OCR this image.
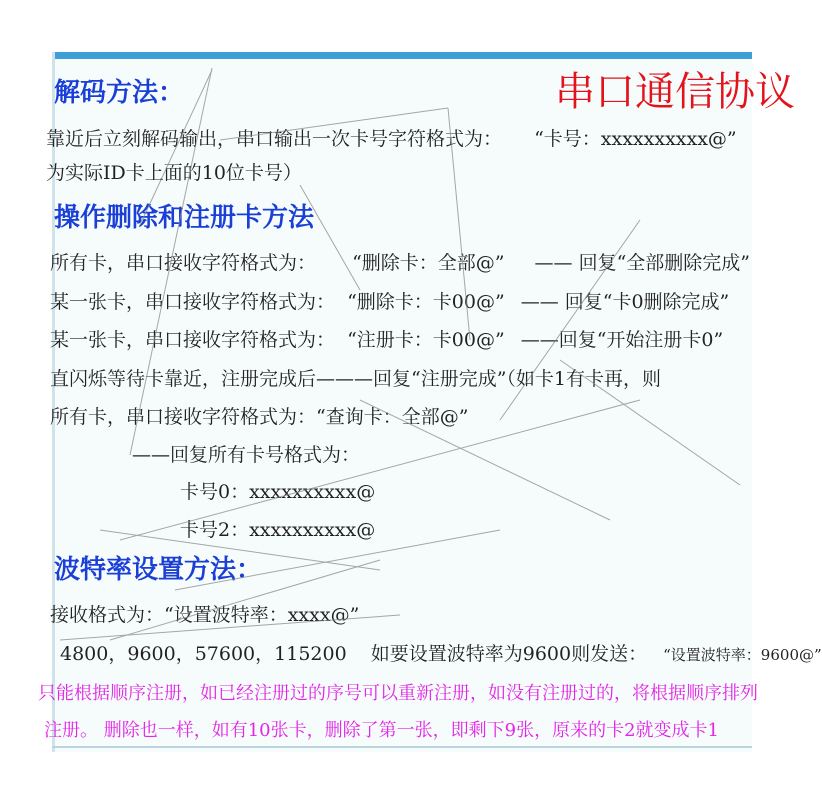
串口通信协议
解码方法：
靠近后立刻解码输出，串口输出一次卡号字符格式为： “卡号：xxxxxxxxxx@”
为实际ID卡上面的10位卡号）
操作删除和注册卡方法
所有卡，串口接收字符格式为： “删除卡：全部@” —— 回复“全部删除完成”
某一张卡，串口接收字符格式为： “删除卡：卡00@” —— 回复“卡0删除完成”
某一张卡，串口接收字符格式为： “注册卡：卡00@” ——回复“开始注册卡0”
直闪烁等待卡靠近，注册完成后———回复“注册完成”（如卡1有卡再，则
所有卡，串口接收字符格式为：“查询卡：全部@”
——回复所有卡号格式为：
卡号0：xxxxxxxxxx@
卡号2：xxxxxxxxxx@
波特率设置方法：
接收格式为：“设置波特率：xxxx@”
4800，9600，57600，115200 如要设置波特率为9600则发送： “设置波特率：9600@”
只能根据顺序注册，如已经注册过的序号可以重新注册，如没有注册过的，将根据顺序排列
注册。 删除也一样，如有10张卡，删除了第一张，即剩下9张，原来的卡2就变成卡1
